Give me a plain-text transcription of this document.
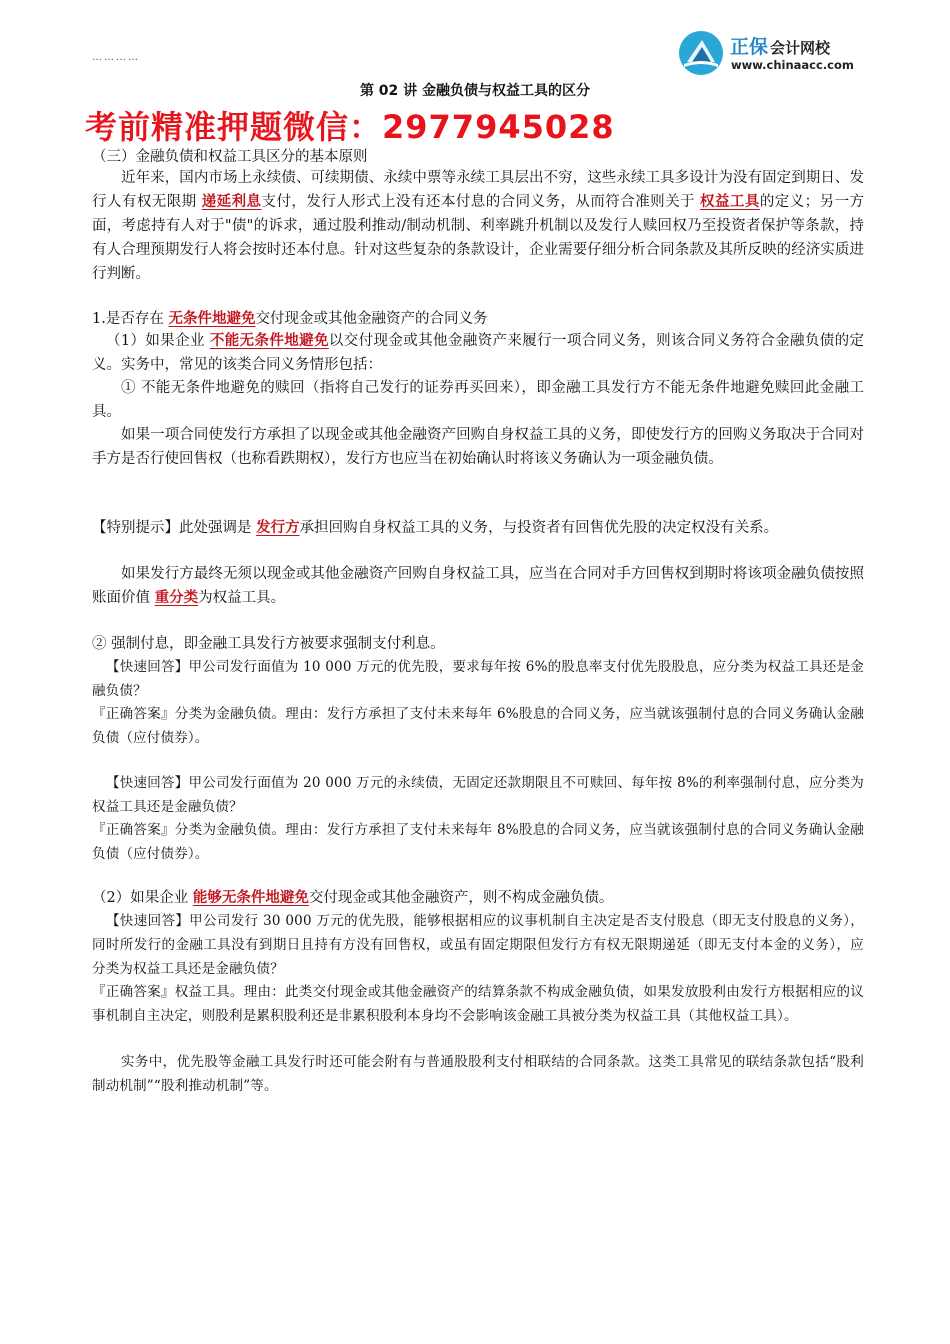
…………	正保 会计网校
www.chinaacc.com
第 02 讲 金融负债与权益工具的区分
考前精准押题微信：2977945028
（三）金融负债和权益工具区分的基本原则
近年来，国内市场上永续债、可续期债、永续中票等永续工具层出不穷，这些永续工具多设计为没有固定到期日、发行人有权无限期 递延利息支付，发行人形式上没有还本付息的合同义务，从而符合准则关于 权益工具的定义；另一方面，考虑持有人对于"债"的诉求，通过股利推动/制动机制、利率跳升机制以及发行人赎回权乃至投资者保护等条款，持有人合理预期发行人将会按时还本付息。针对这些复杂的条款设计，企业需要仔细分析合同条款及其所反映的经济实质进行判断。
1.是否存在 无条件地避免交付现金或其他金融资产的合同义务
（1）如果企业 不能无条件地避免以交付现金或其他金融资产来履行一项合同义务，则该合同义务符合金融负债的定义。实务中，常见的该类合同义务情形包括：
① 不能无条件地避免的赎回（指将自己发行的证券再买回来），即金融工具发行方不能无条件地避免赎回此金融工具。
如果一项合同使发行方承担了以现金或其他金融资产回购自身权益工具的义务，即使发行方的回购义务取决于合同对手方是否行使回售权（也称看跌期权），发行方也应当在初始确认时将该义务确认为一项金融负债。
【特别提示】此处强调是 发行方承担回购自身权益工具的义务，与投资者有回售优先股的决定权没有关系。
如果发行方最终无须以现金或其他金融资产回购自身权益工具，应当在合同对手方回售权到期时将该项金融负债按照账面价值 重分类为权益工具。
② 强制付息，即金融工具发行方被要求强制支付利息。
【快速回答】甲公司发行面值为 10 000 万元的优先股，要求每年按 6%的股息率支付优先股股息，应分类为权益工具还是金融负债？
『正确答案』分类为金融负债。理由：发行方承担了支付未来每年 6%股息的合同义务，应当就该强制付息的合同义务确认金融负债（应付债券）。
【快速回答】甲公司发行面值为 20 000 万元的永续债，无固定还款期限且不可赎回、每年按 8%的利率强制付息，应分类为权益工具还是金融负债？
『正确答案』分类为金融负债。理由：发行方承担了支付未来每年 8%股息的合同义务，应当就该强制付息的合同义务确认金融负债（应付债券）。
（2）如果企业 能够无条件地避免交付现金或其他金融资产，则不构成金融负债。
【快速回答】甲公司发行 30 000 万元的优先股，能够根据相应的议事机制自主决定是否支付股息（即无支付股息的义务），同时所发行的金融工具没有到期日且持有方没有回售权，或虽有固定期限但发行方有权无限期递延（即无支付本金的义务），应分类为权益工具还是金融负债？
『正确答案』权益工具。理由：此类交付现金或其他金融资产的结算条款不构成金融负债，如果发放股利由发行方根据相应的议事机制自主决定，则股利是累积股利还是非累积股利本身均不会影响该金融工具被分类为权益工具（其他权益工具）。
实务中，优先股等金融工具发行时还可能会附有与普通股股利支付相联结的合同条款。这类工具常见的联结条款包括“股利制动机制”“股利推动机制”等。
